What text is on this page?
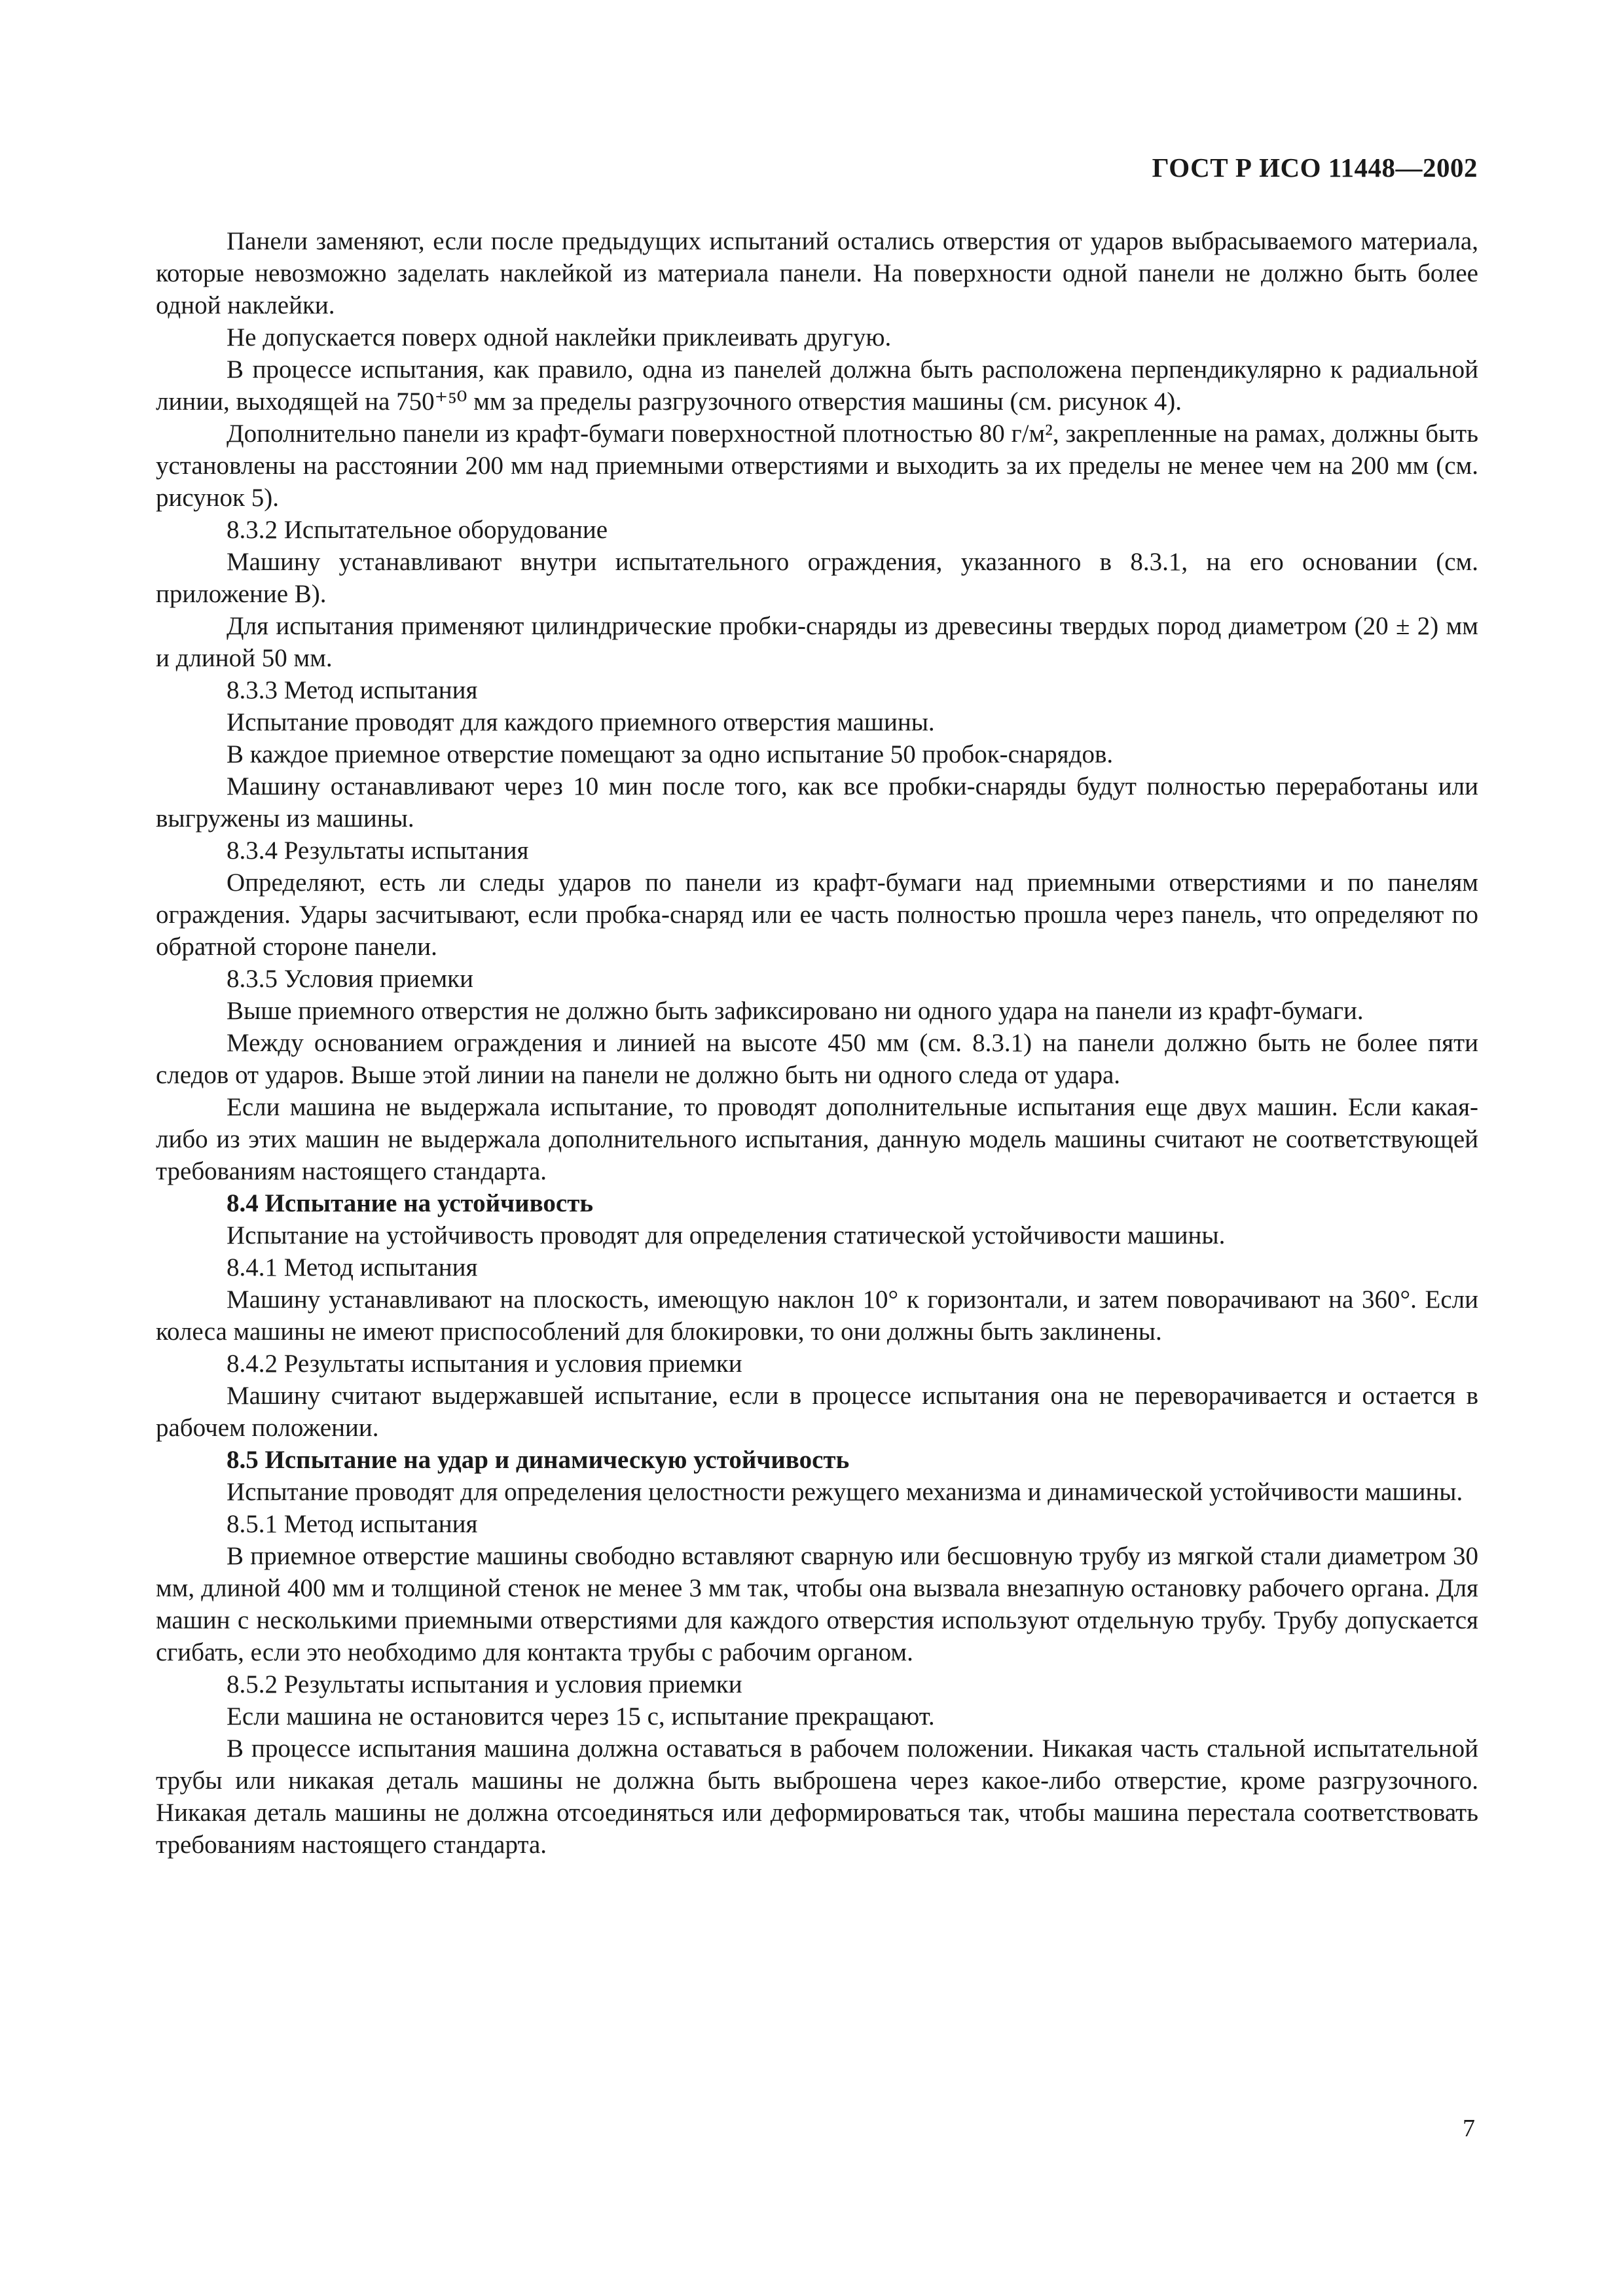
ГОСТ Р ИСО 11448—2002

Панели заменяют, если после предыдущих испытаний остались отверстия от ударов выбрасываемого материала, которые невозможно заделать наклейкой из материала панели. На поверхности одной панели не должно быть более одной наклейки.

Не допускается поверх одной наклейки приклеивать другую.

В процессе испытания, как правило, одна из панелей должна быть расположена перпендикулярно к радиальной линии, выходящей на 750⁺⁵⁰ мм за пределы разгрузочного отверстия машины (см. рисунок 4).

Дополнительно панели из крафт-бумаги поверхностной плотностью 80 г/м², закрепленные на рамах, должны быть установлены на расстоянии 200 мм над приемными отверстиями и выходить за их пределы не менее чем на 200 мм (см. рисунок 5).

8.3.2 Испытательное оборудование

Машину устанавливают внутри испытательного ограждения, указанного в 8.3.1, на его основании (см. приложение В).

Для испытания применяют цилиндрические пробки-снаряды из древесины твердых пород диаметром (20 ± 2) мм и длиной 50 мм.

8.3.3 Метод испытания

Испытание проводят для каждого приемного отверстия машины.

В каждое приемное отверстие помещают за одно испытание 50 пробок-снарядов.

Машину останавливают через 10 мин после того, как все пробки-снаряды будут полностью переработаны или выгружены из машины.

8.3.4 Результаты испытания

Определяют, есть ли следы ударов по панели из крафт-бумаги над приемными отверстиями и по панелям ограждения. Удары засчитывают, если пробка-снаряд или ее часть полностью прошла через панель, что определяют по обратной стороне панели.

8.3.5 Условия приемки

Выше приемного отверстия не должно быть зафиксировано ни одного удара на панели из крафт-бумаги.

Между основанием ограждения и линией на высоте 450 мм (см. 8.3.1) на панели должно быть не более пяти следов от ударов. Выше этой линии на панели не должно быть ни одного следа от удара.

Если машина не выдержала испытание, то проводят дополнительные испытания еще двух машин. Если какая-либо из этих машин не выдержала дополнительного испытания, данную модель машины считают не соответствующей требованиям настоящего стандарта.

8.4 Испытание на устойчивость

Испытание на устойчивость проводят для определения статической устойчивости машины.

8.4.1 Метод испытания

Машину устанавливают на плоскость, имеющую наклон 10° к горизонтали, и затем поворачивают на 360°. Если колеса машины не имеют приспособлений для блокировки, то они должны быть заклинены.

8.4.2 Результаты испытания и условия приемки

Машину считают выдержавшей испытание, если в процессе испытания она не переворачивается и остается в рабочем положении.

8.5 Испытание на удар и динамическую устойчивость

Испытание проводят для определения целостности режущего механизма и динамической устойчивости машины.

8.5.1 Метод испытания

В приемное отверстие машины свободно вставляют сварную или бесшовную трубу из мягкой стали диаметром 30 мм, длиной 400 мм и толщиной стенок не менее 3 мм так, чтобы она вызвала внезапную остановку рабочего органа. Для машин с несколькими приемными отверстиями для каждого отверстия используют отдельную трубу. Трубу допускается сгибать, если это необходимо для контакта трубы с рабочим органом.

8.5.2 Результаты испытания и условия приемки

Если машина не остановится через 15 с, испытание прекращают.

В процессе испытания машина должна оставаться в рабочем положении. Никакая часть стальной испытательной трубы или никакая деталь машины не должна быть выброшена через какое-либо отверстие, кроме разгрузочного. Никакая деталь машины не должна отсоединяться или деформироваться так, чтобы машина перестала соответствовать требованиям настоящего стандарта.

7
